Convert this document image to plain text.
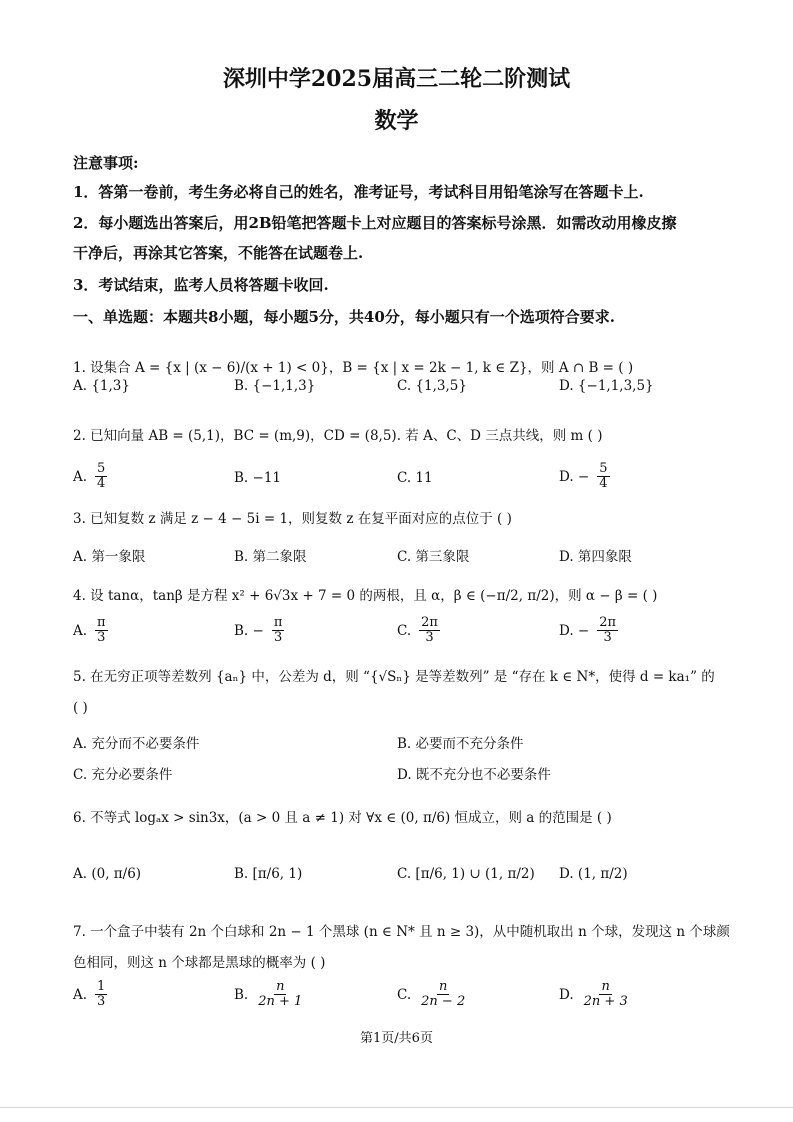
深圳中学2025届高三二轮二阶测试
数学
注意事项:
1．答第一卷前，考生务必将自己的姓名，准考证号，考试科目用铅笔涂写在答题卡上.
2．每小题选出答案后，用2B铅笔把答题卡上对应题目的答案标号涂黑．如需改动用橡皮擦
干净后，再涂其它答案，不能答在试题卷上.
3．考试结束，监考人员将答题卡收回.
一、单选题：本题共8小题，每小题5分，共40分，每小题只有一个选项符合要求.
1. 设集合 A = {x | (x − 6)/(x + 1) < 0}，B = {x | x = 2k − 1, k ∈ Z}，则 A ∩ B = ( )
A. {1,3}	B. {−1,1,3}	C. {1,3,5}	D. {−1,1,3,5}
2. 已知向量 AB = (5,1)，BC = (m,9)，CD = (8,5). 若 A、C、D 三点共线，则 m ( )
A. $\frac{5}{4}$	B. −11	C. 11	D. − $\frac{5}{4}$
3. 已知复数 z 满足 z − 4 − 5i = 1，则复数 z 在复平面对应的点位于 ( )
A. 第一象限	B. 第二象限	C. 第三象限	D. 第四象限
4. 设 tanα，tanβ 是方程 x² + 6√3x + 7 = 0 的两根，且 α，β ∈ (−π/2, π/2)，则 α − β = ( )
A. $\frac{\pi}{3}$	B. − $\frac{\pi}{3}$	C. $\frac{2\pi}{3}$	D. − $\frac{2\pi}{3}$
5. 在无穷正项等差数列 {aₙ} 中，公差为 d，则 “{√Sₙ} 是等差数列” 是 “存在 k ∈ N*，使得 d = ka₁” 的
( )
A. 充分而不必要条件	B. 必要而不充分条件
C. 充分必要条件	D. 既不充分也不必要条件
6. 不等式 logₐx > sin3x，(a > 0 且 a ≠ 1) 对 ∀x ∈ (0, π/6) 恒成立，则 a 的范围是 ( )
A. (0, π/6)	B. [π/6, 1)	C. [π/6, 1) ∪ (1, π/2) D. (1, π/2)
7. 一个盒子中装有 2n 个白球和 2n − 1 个黑球 (n ∈ N* 且 n ≥ 3)，从中随机取出 n 个球，发现这 n 个球颜
色相同，则这 n 个球都是黑球的概率为 ( )
A. $\frac{1}{3}$	B. $\frac{n}{2n + 1}$	C. $\frac{n}{2n - 2}$	D. $\frac{n}{2n + 3}$
第1页/共6页
